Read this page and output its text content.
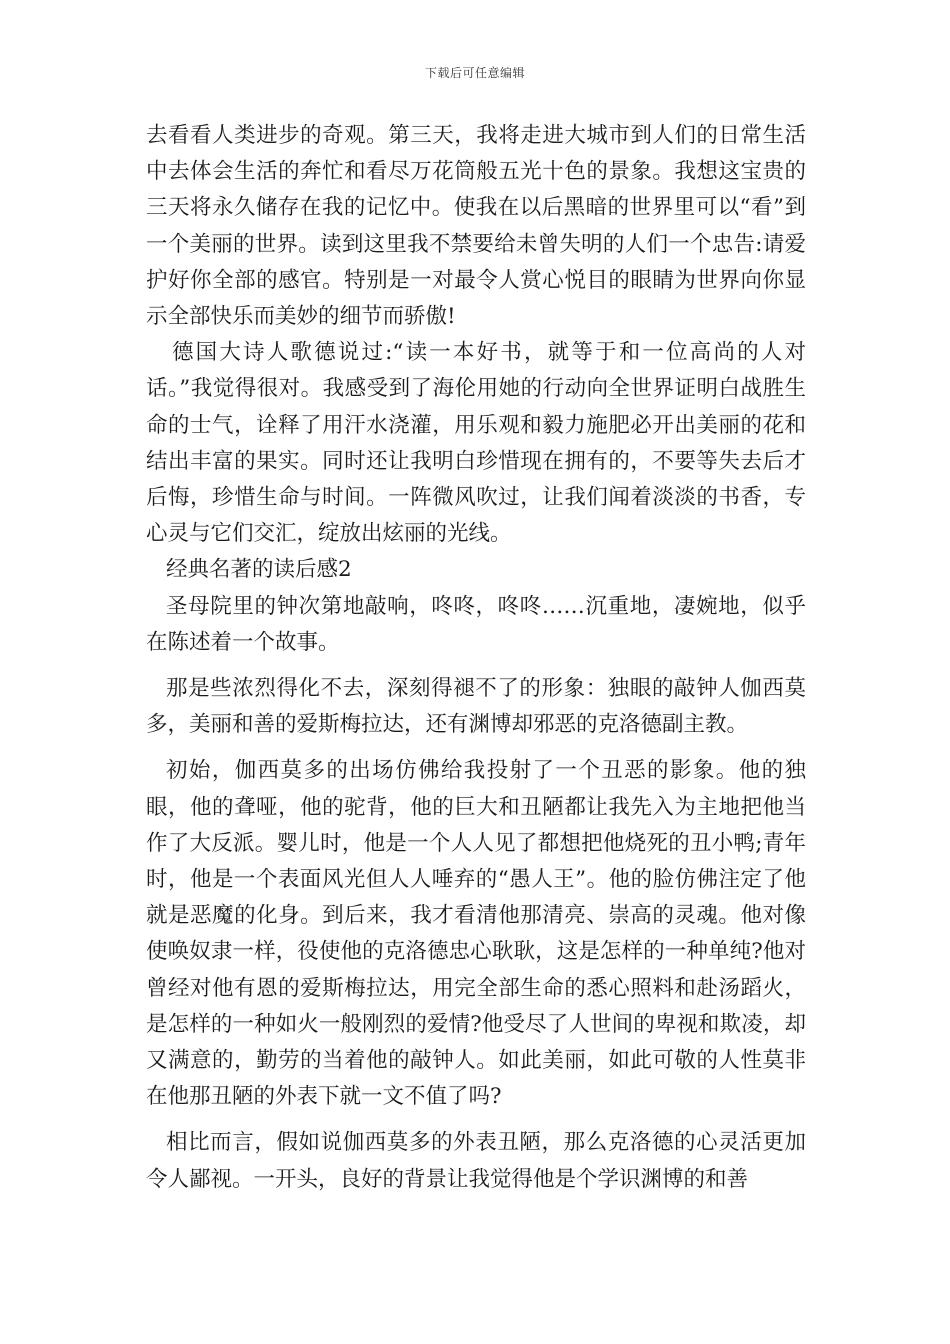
下载后可任意编辑

去看看人类进步的奇观。第三天，我将走进大城市到人们的日常生活中去体会生活的奔忙和看尽万花筒般五光十色的景象。我想这宝贵的三天将永久储存在我的记忆中。使我在以后黑暗的世界里可以“看”到一个美丽的世界。读到这里我不禁要给未曾失明的人们一个忠告:请爱护好你全部的感官。特别是一对最令人赏心悦目的眼睛为世界向你显示全部快乐而美妙的细节而骄傲!

德国大诗人歌德说过:“读一本好书，就等于和一位高尚的人对话。”我觉得很对。我感受到了海伦用她的行动向全世界证明白战胜生命的士气，诠释了用汗水浇灌，用乐观和毅力施肥必开出美丽的花和结出丰富的果实。同时还让我明白珍惜现在拥有的，不要等失去后才后悔，珍惜生命与时间。一阵微风吹过，让我们闻着淡淡的书香，专心灵与它们交汇，绽放出炫丽的光线。

经典名著的读后感2

圣母院里的钟次第地敲响，咚咚，咚咚……沉重地，凄婉地，似乎在陈述着一个故事。

那是些浓烈得化不去，深刻得褪不了的形象：独眼的敲钟人伽西莫多，美丽和善的爱斯梅拉达，还有渊博却邪恶的克洛德副主教。

初始，伽西莫多的出场仿佛给我投射了一个丑恶的影象。他的独眼，他的聋哑，他的驼背，他的巨大和丑陋都让我先入为主地把他当作了大反派。婴儿时，他是一个人人见了都想把他烧死的丑小鸭;青年时，他是一个表面风光但人人唾弃的“愚人王”。他的脸仿佛注定了他就是恶魔的化身。到后来，我才看清他那清亮、崇高的灵魂。他对像使唤奴隶一样，役使他的克洛德忠心耿耿，这是怎样的一种单纯?他对曾经对他有恩的爱斯梅拉达，用完全部生命的悉心照料和赴汤蹈火，是怎样的一种如火一般刚烈的爱情?他受尽了人世间的卑视和欺凌，却又满意的，勤劳的当着他的敲钟人。如此美丽，如此可敬的人性莫非在他那丑陋的外表下就一文不值了吗?

相比而言，假如说伽西莫多的外表丑陋，那么克洛德的心灵活更加令人鄙视。一开头，良好的背景让我觉得他是个学识渊博的和善
